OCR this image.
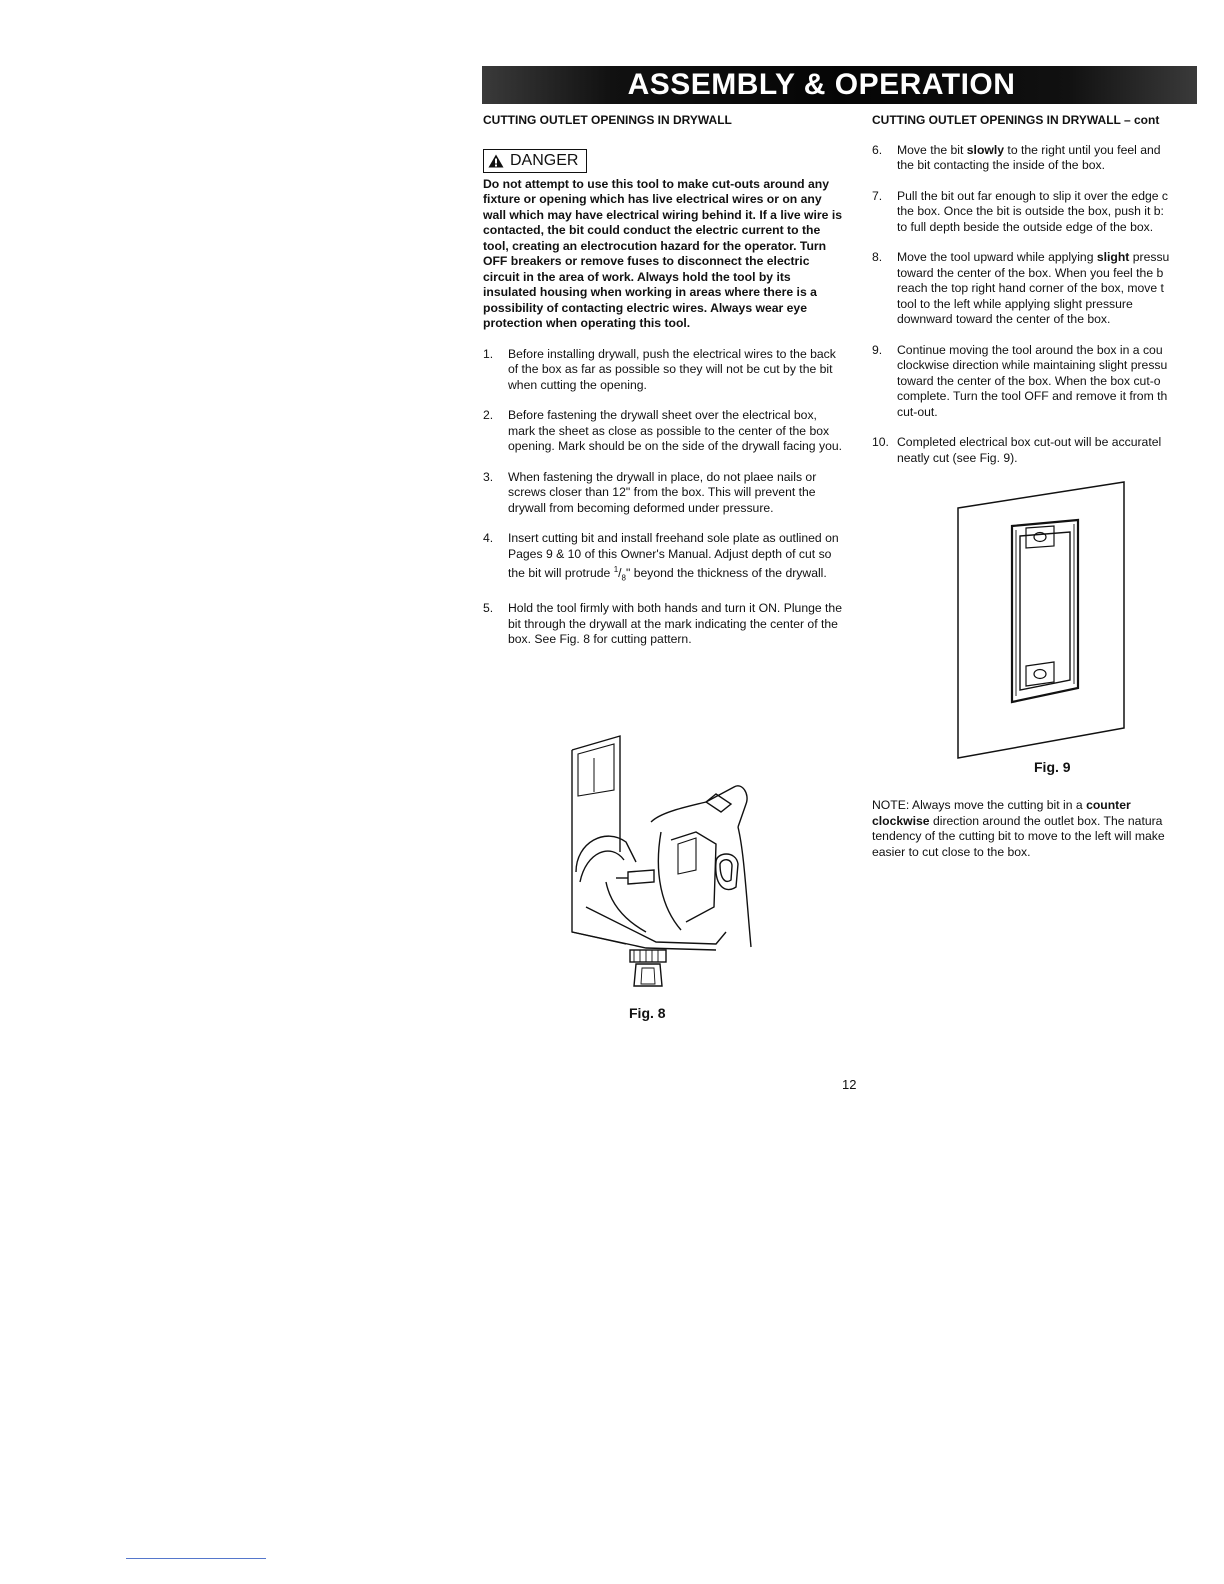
ASSEMBLY & OPERATION
CUTTING OUTLET OPENINGS IN DRYWALL
DANGER
Do not attempt to use this tool to make cut-outs around any fixture or opening which has live electrical wires or on any wall which may have electrical wiring behind it. If a live wire is contacted, the bit could conduct the electric current to the tool, creating an electrocution hazard for the operator. Turn OFF breakers or remove fuses to disconnect the electric circuit in the area of work. Always hold the tool by its insulated housing when working in areas where there is a possibility of contacting electric wires. Always wear eye protection when operating this tool.
1. Before installing drywall, push the electrical wires to the back of the box as far as possible so they will not be cut by the bit when cutting the opening.
2. Before fastening the drywall sheet over the electrical box, mark the sheet as close as possible to the center of the box opening. Mark should be on the side of the drywall facing you.
3. When fastening the drywall in place, do not plaee nails or screws closer than 12" from the box. This will prevent the drywall from becoming deformed under pressure.
4. Insert cutting bit and install freehand sole plate as outlined on Pages 9 & 10 of this Owner's Manual. Adjust depth of cut so the bit will protrude $^1/_8$" beyond the thickness of the drywall.
5. Hold the tool firmly with both hands and turn it ON. Plunge the bit through the drywall at the mark indicating the center of the box. See Fig. 8 for cutting pattern.
Fig. 8
CUTTING OUTLET OPENINGS IN DRYWALL – cont
6. Move the bit slowly to the right until you feel and
the bit contacting the inside of the box.
7. Pull the bit out far enough to slip it over the edge c
the box. Once the bit is outside the box, push it b:
to full depth beside the outside edge of the box.
8. Move the tool upward while applying slight pressu
toward the center of the box. When you feel the b
reach the top right hand corner of the box, move t
tool to the left while applying slight pressure
downward toward the center of the box.
9. Continue moving the tool around the box in a cou
clockwise direction while maintaining slight pressu
toward the center of the box. When the box cut-o
complete. Turn the tool OFF and remove it from th
cut-out.
10. Completed electrical box cut-out will be accuratel
neatly cut (see Fig. 9).
Fig. 9
NOTE: Always move the cutting bit in a counter
clockwise direction around the outlet box. The natura
tendency of the cutting bit to move to the left will make
easier to cut close to the box.
12
